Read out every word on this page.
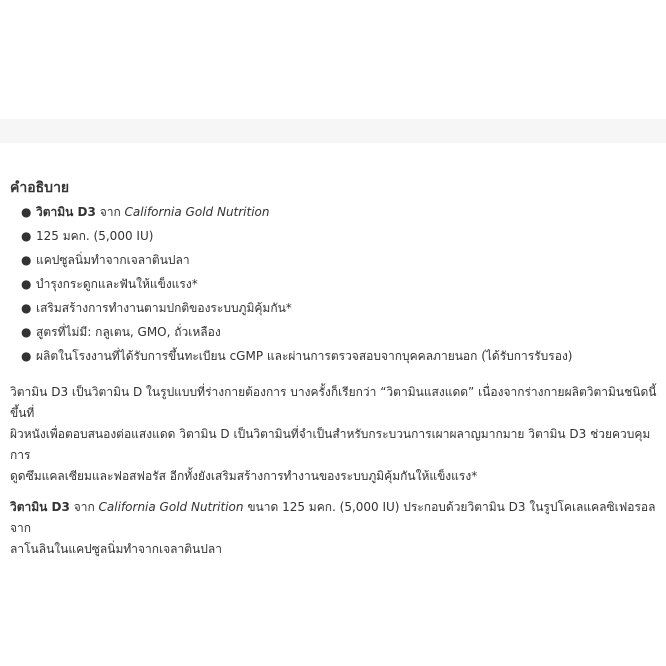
คำอธิบาย
● วิตามิน D3 จาก California Gold Nutrition
● 125 มคก. (5,000 IU)
● แคปซูลนิ่มทำจากเจลาตินปลา
● บำรุงกระดูกและฟันให้แข็งแรง*
● เสริมสร้างการทำงานตามปกติของระบบภูมิคุ้มกัน*
● สูตรที่ไม่มี: กลูเตน, GMO, ถั่วเหลือง
● ผลิตในโรงงานที่ได้รับการขึ้นทะเบียน cGMP และผ่านการตรวจสอบจากบุคคลภายนอก (ได้รับการรับรอง)
วิตามิน D3 เป็นวิตามิน D ในรูปแบบที่ร่างกายต้องการ บางครั้งก็เรียกว่า “วิตามินแสงแดด” เนื่องจากร่างกายผลิตวิตามินชนิดนี้ขึ้นที่
ผิวหนังเพื่อตอบสนองต่อแสงแดด วิตามิน D เป็นวิตามินที่จำเป็นสำหรับกระบวนการเผาผลาญมากมาย วิตามิน D3 ช่วยควบคุมการ
ดูดซึมแคลเซียมและฟอสฟอรัส อีกทั้งยังเสริมสร้างการทำงานของระบบภูมิคุ้มกันให้แข็งแรง*
วิตามิน D3 จาก California Gold Nutrition ขนาด 125 มคก. (5,000 IU) ประกอบด้วยวิตามิน D3 ในรูปโคเลแคลซิเฟอรอลจาก
ลาโนลินในแคปซูลนิ่มทำจากเจลาตินปลา
